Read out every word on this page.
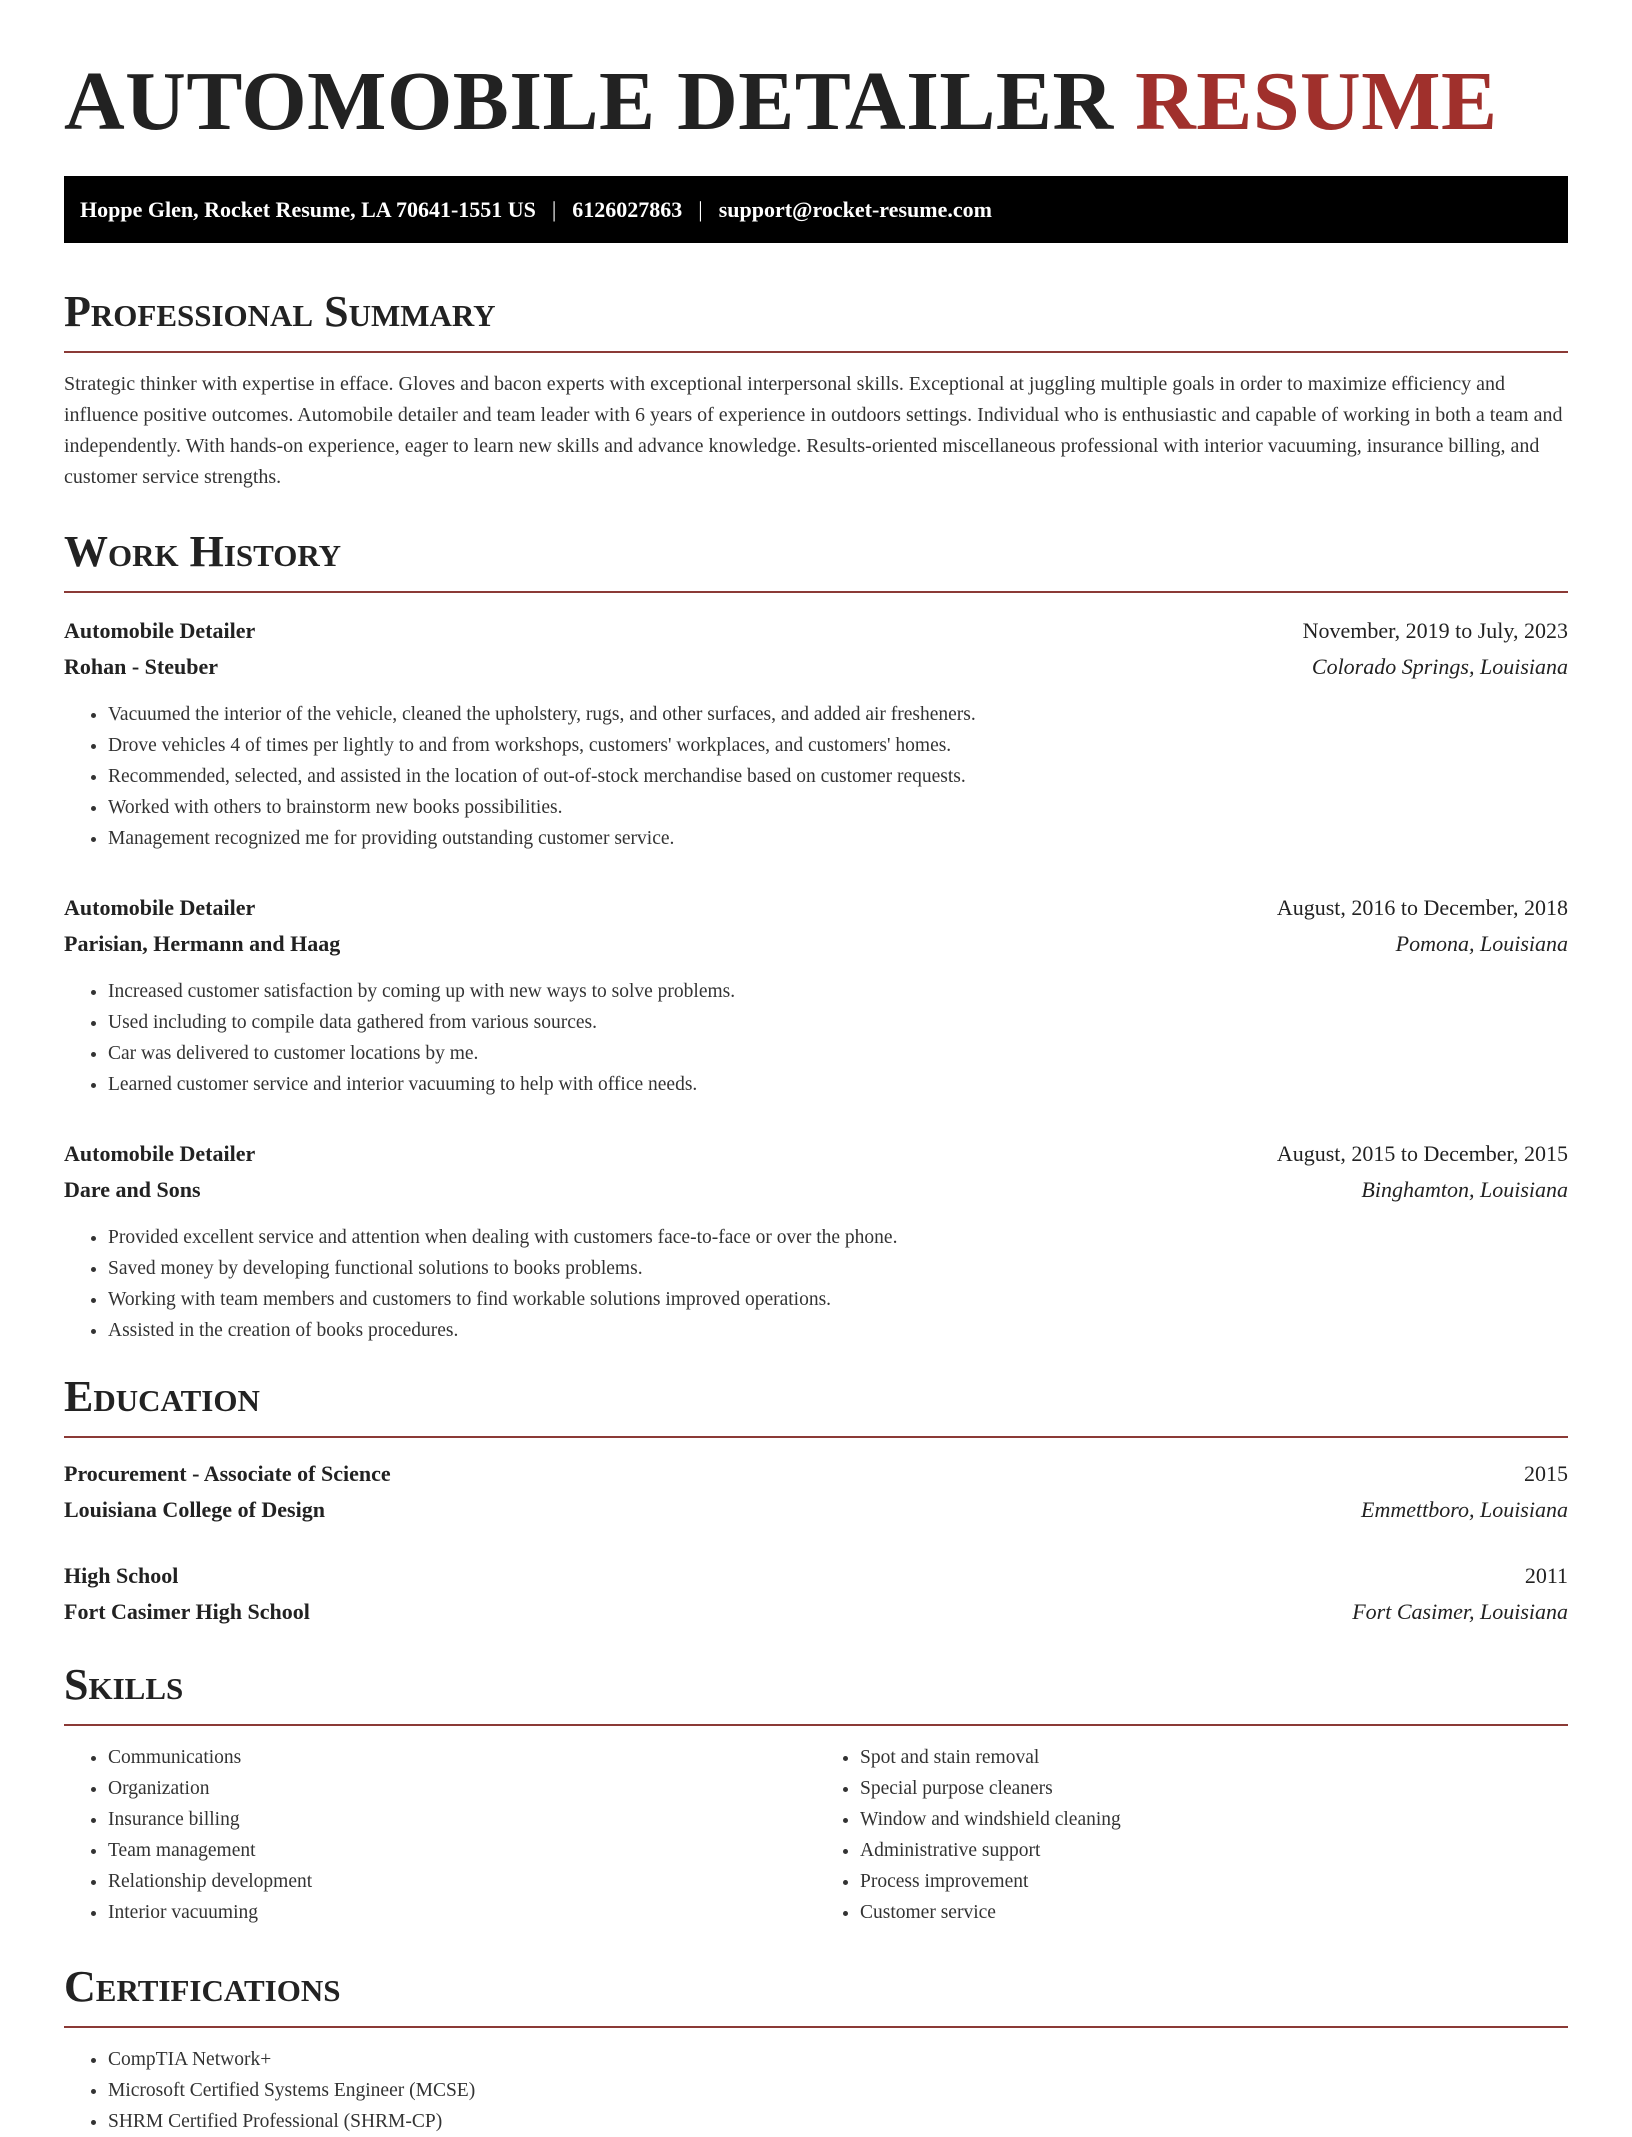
AUTOMOBILE DETAILER RESUME
Hoppe Glen, Rocket Resume, LA 70641-1551 US | 6126027863 | support@rocket-resume.com
Professional Summary

Strategic thinker with expertise in efface. Gloves and bacon experts with exceptional interpersonal skills. Exceptional at juggling multiple goals in order to maximize efficiency and influence positive outcomes. Automobile detailer and team leader with 6 years of experience in outdoors settings. Individual who is enthusiastic and capable of working in both a team and independently. With hands-on experience, eager to learn new skills and advance knowledge. Results-oriented miscellaneous professional with interior vacuuming, insurance billing, and customer service strengths.

Work History
Automobile Detailer	November, 2019 to July, 2023
Rohan - Steuber	Colorado Springs, Louisiana
• Vacuumed the interior of the vehicle, cleaned the upholstery, rugs, and other surfaces, and added air fresheners.
• Drove vehicles 4 of times per lightly to and from workshops, customers' workplaces, and customers' homes.
• Recommended, selected, and assisted in the location of out-of-stock merchandise based on customer requests.
• Worked with others to brainstorm new books possibilities.
• Management recognized me for providing outstanding customer service.
Automobile Detailer	August, 2016 to December, 2018
Parisian, Hermann and Haag	Pomona, Louisiana
• Increased customer satisfaction by coming up with new ways to solve problems.
• Used including to compile data gathered from various sources.
• Car was delivered to customer locations by me.
• Learned customer service and interior vacuuming to help with office needs.
Automobile Detailer	August, 2015 to December, 2015
Dare and Sons	Binghamton, Louisiana
• Provided excellent service and attention when dealing with customers face-to-face or over the phone.
• Saved money by developing functional solutions to books problems.
• Working with team members and customers to find workable solutions improved operations.
• Assisted in the creation of books procedures.
Education
Procurement - Associate of Science	2015
Louisiana College of Design	Emmettboro, Louisiana
High School	2011
Fort Casimer High School	Fort Casimer, Louisiana
Skills
• Communications
• Organization
• Insurance billing
• Team management
• Relationship development
• Interior vacuuming
• Spot and stain removal
• Special purpose cleaners
• Window and windshield cleaning
• Administrative support
• Process improvement
• Customer service
Certifications
• CompTIA Network+
• Microsoft Certified Systems Engineer (MCSE)
• SHRM Certified Professional (SHRM-CP)
